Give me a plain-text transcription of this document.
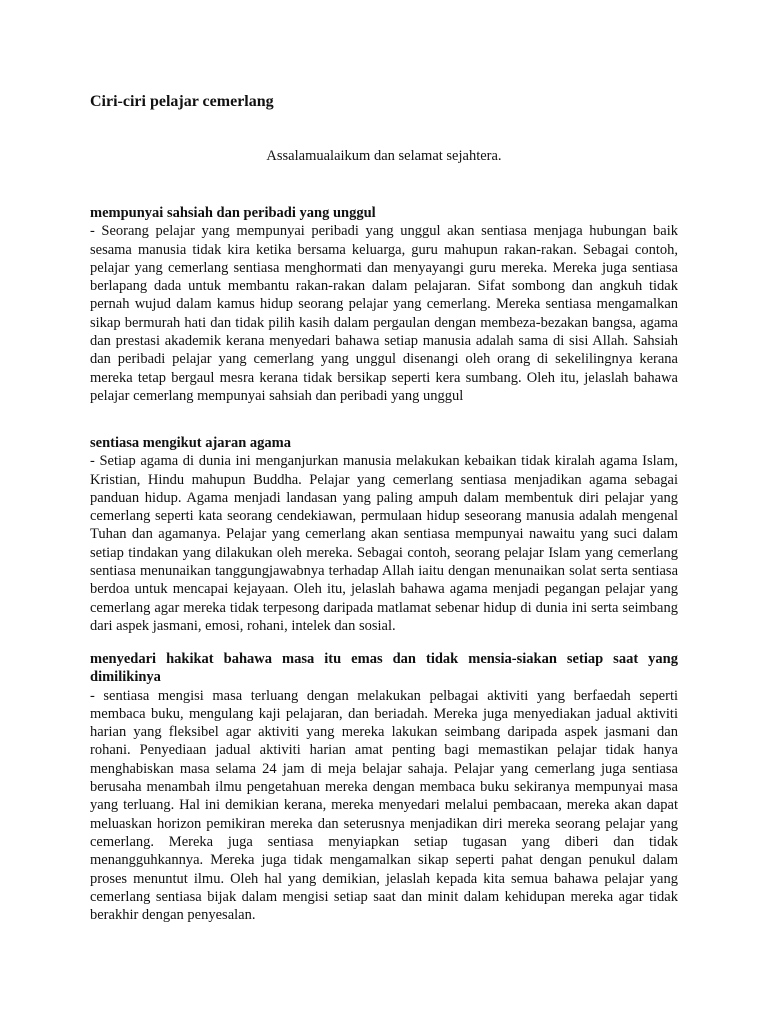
Ciri-ciri pelajar cemerlang

Assalamualaikum dan selamat sejahtera.

mempunyai sahsiah dan peribadi yang unggul
- Seorang pelajar yang mempunyai peribadi yang unggul akan sentiasa menjaga hubungan baik sesama manusia tidak kira ketika bersama keluarga, guru mahupun rakan-rakan. Sebagai contoh, pelajar yang cemerlang sentiasa menghormati dan menyayangi guru mereka. Mereka juga sentiasa berlapang dada untuk membantu rakan-rakan dalam pelajaran. Sifat sombong dan angkuh tidak pernah wujud dalam kamus hidup seorang pelajar yang cemerlang. Mereka sentiasa mengamalkan sikap bermurah hati dan tidak pilih kasih dalam pergaulan dengan membeza-bezakan bangsa, agama dan prestasi akademik kerana menyedari bahawa setiap manusia adalah sama di sisi Allah. Sahsiah dan peribadi pelajar yang cemerlang yang unggul disenangi oleh orang di sekelilingnya kerana mereka tetap bergaul mesra kerana tidak bersikap seperti kera sumbang. Oleh itu, jelaslah bahawa pelajar cemerlang mempunyai sahsiah dan peribadi yang unggul
sentiasa mengikut ajaran agama
- Setiap agama di dunia ini menganjurkan manusia melakukan kebaikan tidak kiralah agama Islam, Kristian, Hindu mahupun Buddha. Pelajar yang cemerlang sentiasa menjadikan agama sebagai panduan hidup. Agama menjadi landasan yang paling ampuh dalam membentuk diri pelajar yang cemerlang seperti kata seorang cendekiawan, permulaan hidup seseorang manusia adalah mengenal Tuhan dan agamanya. Pelajar yang cemerlang akan sentiasa mempunyai nawaitu yang suci dalam setiap tindakan yang dilakukan oleh mereka. Sebagai contoh, seorang pelajar Islam yang cemerlang sentiasa menunaikan tanggungjawabnya terhadap Allah iaitu dengan menunaikan solat serta sentiasa berdoa untuk mencapai kejayaan. Oleh itu, jelaslah bahawa agama menjadi pegangan pelajar yang cemerlang agar mereka tidak terpesong daripada matlamat sebenar hidup di dunia ini serta seimbang dari aspek jasmani, emosi, rohani, intelek dan sosial.
menyedari hakikat bahawa masa itu emas dan tidak mensia-siakan setiap saat yang dimilikinya
- sentiasa mengisi masa terluang dengan melakukan pelbagai aktiviti yang berfaedah seperti membaca buku, mengulang kaji pelajaran, dan beriadah. Mereka juga menyediakan jadual aktiviti harian yang fleksibel agar aktiviti yang mereka lakukan seimbang daripada aspek jasmani dan rohani. Penyediaan jadual aktiviti harian amat penting bagi memastikan pelajar tidak hanya menghabiskan masa selama 24 jam di meja belajar sahaja. Pelajar yang cemerlang juga sentiasa berusaha menambah ilmu pengetahuan mereka dengan membaca buku sekiranya mempunyai masa yang terluang. Hal ini demikian kerana, mereka menyedari melalui pembacaan, mereka akan dapat meluaskan horizon pemikiran mereka dan seterusnya menjadikan diri mereka seorang pelajar yang cemerlang. Mereka juga sentiasa menyiapkan setiap tugasan yang diberi dan tidak menangguhkannya. Mereka juga tidak mengamalkan sikap seperti pahat dengan penukul dalam proses menuntut ilmu. Oleh hal yang demikian, jelaslah kepada kita semua bahawa pelajar yang cemerlang sentiasa bijak dalam mengisi setiap saat dan minit dalam kehidupan mereka agar tidak berakhir dengan penyesalan.
